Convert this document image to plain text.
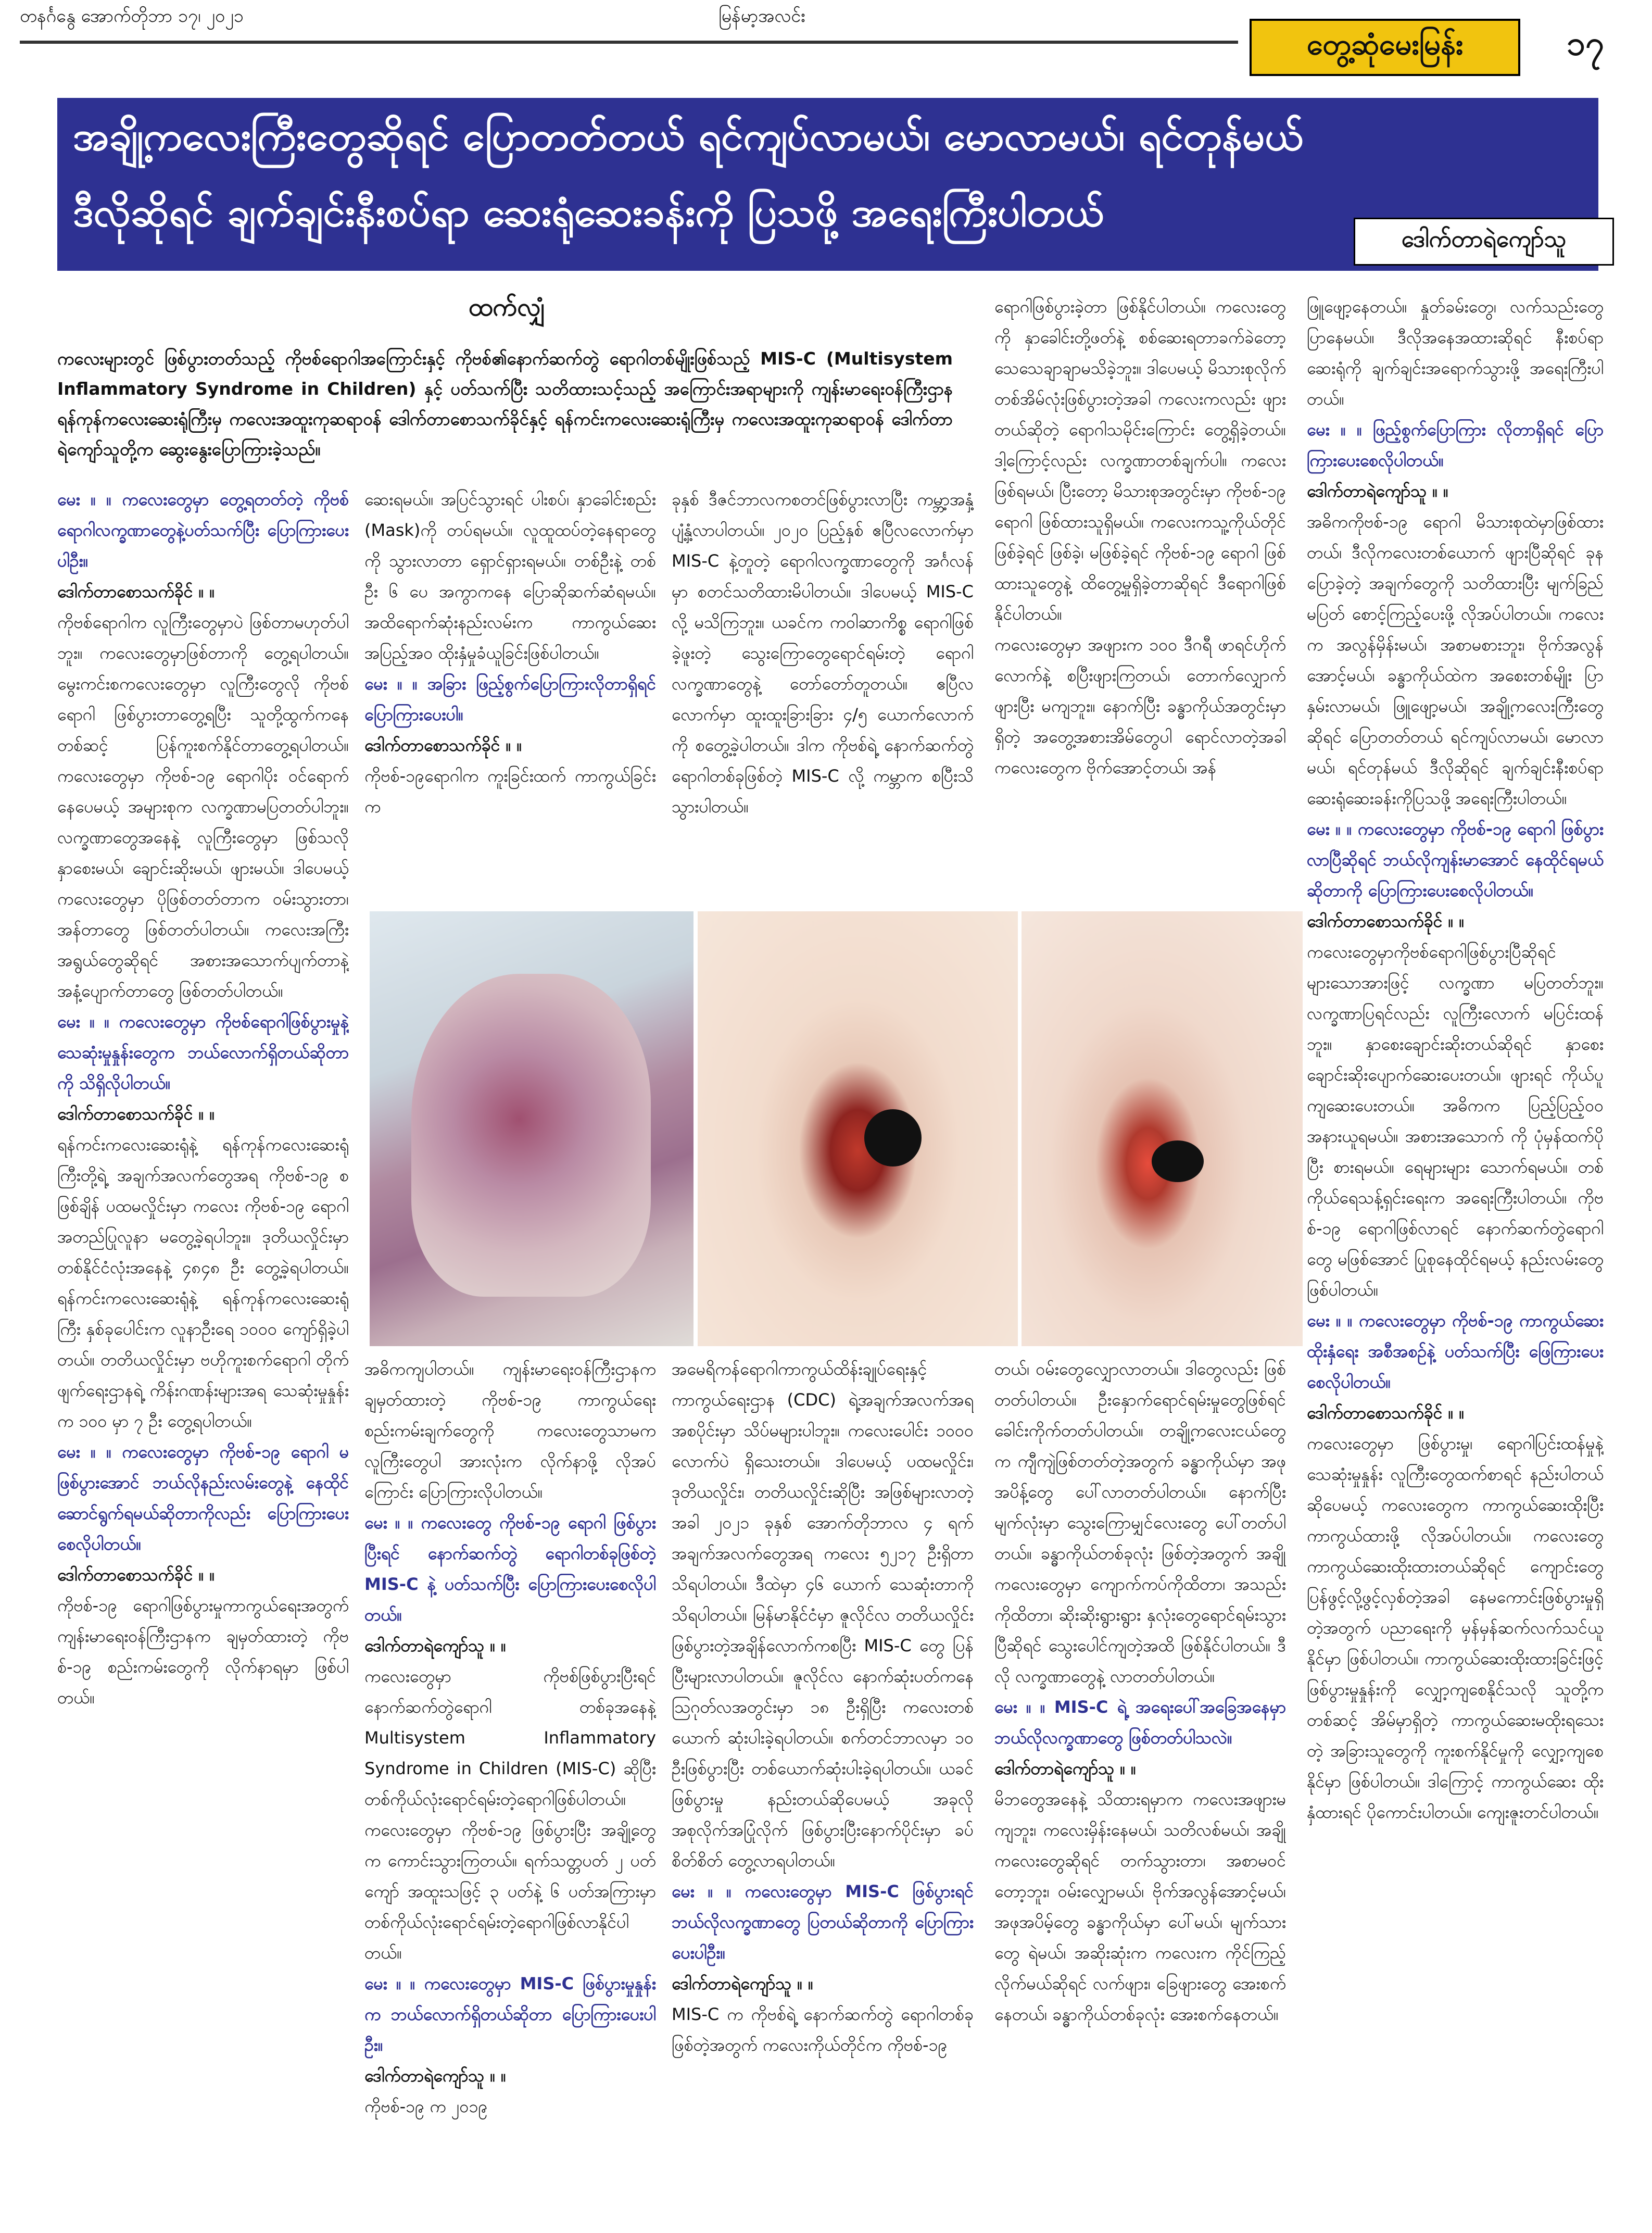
တနင်္ဂနွေ အောက်တိုဘာ ၁၇၊ ၂၀၂၁	မြန်မာ့အလင်း
တွေ့ဆုံမေးမြန်း	၁၇
အချို့ကလေးကြီးတွေဆိုရင် ပြောတတ်တယ် ရင်ကျပ်လာမယ်၊ မောလာမယ်၊ ရင်တုန်မယ်
ဒီလိုဆိုရင် ချက်ချင်းနီးစပ်ရာ ဆေးရုံဆေးခန်းကို ပြသဖို့ အရေးကြီးပါတယ်
ဒေါက်တာရဲကျော်သူ
ထက်လျှံ
ကလေးများတွင် ဖြစ်ပွားတတ်သည့် ကိုဗစ်ရောဂါအကြောင်းနှင့် ကိုဗစ်၏နောက်ဆက်တွဲ ရောဂါတစ်မျိုးဖြစ်သည့် MIS-C (Multisystem Inflammatory Syndrome in Children) နှင့် ပတ်သက်ပြီး သတိထားသင့်သည့် အကြောင်းအရာများကို ကျန်းမာရေးဝန်ကြီးဌာန ရန်ကုန်ကလေးဆေးရုံကြီးမှ ကလေးအထူးကုဆရာဝန် ဒေါက်တာစောသက်ခိုင်နှင့် ရန်ကင်းကလေးဆေးရုံကြီးမှ ကလေးအထူးကုဆရာဝန် ဒေါက်တာရဲကျော်သူတို့က ဆွေးနွေးပြောကြားခဲ့သည်။

မေး ။ ။ ကလေးတွေမှာ တွေ့ရတတ်တဲ့ ကိုဗစ်ရောဂါလက္ခဏာတွေနဲ့ပတ်သက်ပြီး ပြောကြားပေးပါဦး။

ဒေါက်တာစောသက်ခိုင် ။ ။

ကိုဗစ်ရောဂါက လူကြီးတွေမှာပဲ ဖြစ်တာမဟုတ်ပါဘူး။ ကလေးတွေမှာဖြစ်တာကို တွေ့ရပါတယ်။ မွေးကင်းစကလေးတွေမှာ လူကြီးတွေလို ကိုဗစ်ရောဂါ ဖြစ်ပွားတာတွေ့ရပြီး သူတို့ထွက်ကနေတစ်ဆင့် ပြန်ကူးစက်နိုင်တာတွေ့ရပါတယ်။ ကလေးတွေမှာ ကိုဗစ်-၁၉ ရောဂါပိုး ဝင်ရောက်နေပေမယ့် အများစုက လက္ခဏာမပြတတ်ပါဘူး။ လက္ခဏာတွေအနေနဲ့ လူကြီးတွေမှာ ဖြစ်သလို နှာစေးမယ်၊ ချောင်းဆိုးမယ်၊ ဖျားမယ်။ ဒါပေမယ့် ကလေးတွေမှာ ပိုဖြစ်တတ်တာက ဝမ်းသွားတာ၊ အန်တာတွေ ဖြစ်တတ်ပါတယ်။ ကလေးအကြီးအရွယ်တွေဆိုရင် အစားအသောက်ပျက်တာနဲ့ အနံ့ပျောက်တာတွေ ဖြစ်တတ်ပါတယ်။

မေး ။ ။ ကလေးတွေမှာ ကိုဗစ်ရောဂါဖြစ်ပွားမှုနဲ့ သေဆုံးမှုနှုန်းတွေက ဘယ်လောက်ရှိတယ်ဆိုတာကို သိရှိလိုပါတယ်။

ဒေါက်တာစောသက်ခိုင် ။ ။

ရန်ကင်းကလေးဆေးရုံနဲ့ ရန်ကုန်ကလေးဆေးရုံကြီးတို့ရဲ့ အချက်အလက်တွေအရ ကိုဗစ်-၁၉ စဖြစ်ချိန် ပထမလှိုင်းမှာ ကလေး ကိုဗစ်-၁၉ ရောဂါ အတည်ပြုလူနာ မတွေ့ခဲ့ရပါဘူး။ ဒုတိယလှိုင်းမှာ တစ်နိုင်ငံလုံးအနေနဲ့ ၄၈၄၈ ဦး တွေ့ခဲ့ရပါတယ်။ ရန်ကင်းကလေးဆေးရုံနဲ့ ရန်ကုန်ကလေးဆေးရုံကြီး နှစ်ခုပေါင်းက လူနာဦးရေ ၁၀၀၀ ကျော်ရှိခဲ့ပါတယ်။ တတိယလှိုင်းမှာ ဗဟိုကူးစက်ရောဂါ တိုက်ဖျက်ရေးဌာနရဲ့ ကိန်းဂဏန်းများအရ သေဆုံးမှုနှုန်းက ၁၀၀ မှာ ၇ ဦး တွေ့ရပါတယ်။

မေး ။ ။ ကလေးတွေမှာ ကိုဗစ်-၁၉ ရောဂါ မဖြစ်ပွားအောင် ဘယ်လိုနည်းလမ်းတွေနဲ့ နေထိုင်ဆောင်ရွက်ရမယ်ဆိုတာကိုလည်း ပြောကြားပေးစေလိုပါတယ်။

ဒေါက်တာစောသက်ခိုင် ။ ။

ကိုဗစ်-၁၉ ရောဂါဖြစ်ပွားမှုကာကွယ်ရေးအတွက် ကျန်းမာရေးဝန်ကြီးဌာနက ချမှတ်ထားတဲ့ ကိုဗစ်-၁၉ စည်းကမ်းတွေကို လိုက်နာရမှာ ဖြစ်ပါတယ်။

ဆေးရမယ်။ အပြင်သွားရင် ပါးစပ်၊ နှာခေါင်းစည်း (Mask)ကို တပ်ရမယ်။ လူထူထပ်တဲ့နေရာတွေကို သွားလာတာ ရှောင်ရှားရမယ်။ တစ်ဦးနဲ့ တစ်ဦး ၆ ပေ အကွာကနေ ပြောဆိုဆက်ဆံရမယ်။ အထိရောက်ဆုံးနည်းလမ်းက ကာကွယ်ဆေးအပြည့်အဝ ထိုးနှံမှုခံယူခြင်းဖြစ်ပါတယ်။

မေး ။ ။ အခြား ဖြည့်စွက်ပြောကြားလိုတာရှိရင် ပြောကြားပေးပါ။

ဒေါက်တာစောသက်ခိုင် ။ ။

ကိုဗစ်-၁၉ရောဂါက ကူးခြင်းထက် ကာကွယ်ခြင်းက

ခုနှစ် ဒီဇင်ဘာလကစတင်ဖြစ်ပွားလာပြီး ကမ္ဘာ့အနှံ့ပျံ့နှံ့လာပါတယ်။ ၂၀၂၀ ပြည့်နှစ် ဧပြီလလောက်မှာ MIS-C နဲ့တူတဲ့ ရောဂါလက္ခဏာတွေကို အင်္ဂလန်မှာ စတင်သတိထားမိပါတယ်။ ဒါပေမယ့် MIS-C လို့ မသိကြဘူး။ ယခင်က ကဝါဆာကိစ္စ ရောဂါဖြစ်ခဲ့ဖူးတဲ့ သွေးကြောတွေရောင်ရမ်းတဲ့ ရောဂါလက္ခဏာတွေနဲ့ တော်တော်တူတယ်။ ဧပြီလလောက်မှာ ထူးထူးခြားခြား ၄/၅ ယောက်လောက်ကို စတွေ့ခဲ့ပါတယ်။ ဒါက ကိုဗစ်ရဲ့ နောက်ဆက်တွဲ ရောဂါတစ်ခုဖြစ်တဲ့ MIS-C လို့ ကမ္ဘာက စပြီးသိသွားပါတယ်။

ရောဂါဖြစ်ပွားခဲ့တာ ဖြစ်နိုင်ပါတယ်။ ကလေးတွေကို နှာခေါင်းတို့ဖတ်နဲ့ စစ်ဆေးရတာခက်ခဲတော့ သေသေချာချာမသိခဲ့ဘူး။ ဒါပေမယ့် မိသားစုလိုက် တစ်အိမ်လုံးဖြစ်ပွားတဲ့အခါ ကလေးကလည်း ဖျားတယ်ဆိုတဲ့ ရောဂါသမိုင်းကြောင်း တွေ့ရှိခဲ့တယ်။ ဒါ့ကြောင့်လည်း လက္ခဏာတစ်ချက်ပါ။ ကလေးဖြစ်ရမယ်၊ ပြီးတော့ မိသားစုအတွင်းမှာ ကိုဗစ်-၁၉ ရောဂါ ဖြစ်ထားသူရှိမယ်။ ကလေးကသူ့ကိုယ်တိုင် ဖြစ်ခဲ့ရင် ဖြစ်ခဲ့၊ မဖြစ်ခဲ့ရင် ကိုဗစ်-၁၉ ရောဂါ ဖြစ်ထားသူတွေနဲ့ ထိတွေ့မှုရှိခဲ့တာဆိုရင် ဒီရောဂါဖြစ်နိုင်ပါတယ်။

ကလေးတွေမှာ အဖျားက ၁၀၀ ဒီဂရီ ဖာရင်ဟိုက်လောက်နဲ့ စပြီးဖျားကြတယ်၊ တောက်လျှောက်ဖျားပြီး မကျဘူး။ နောက်ပြီး ခန္ဓာကိုယ်အတွင်းမှာရှိတဲ့ အတွေ့အစားအိမ်တွေပါ ရောင်လာတဲ့အခါ ကလေးတွေက ဗိုက်အောင့်တယ်၊ အန်

ဖြူဖျော့နေတယ်။ နှုတ်ခမ်းတွေ၊ လက်သည်းတွေ ပြာနေမယ်။ ဒီလိုအနေအထားဆိုရင် နီးစပ်ရာဆေးရုံကို ချက်ချင်းအရောက်သွားဖို့ အရေးကြီးပါတယ်။

မေး ။ ။ ဖြည့်စွက်ပြောကြား လိုတာရှိရင် ပြောကြားပေးစေလိုပါတယ်။

ဒေါက်တာရဲကျော်သူ ။ ။

အဓိကကိုဗစ်-၁၉ ရောဂါ မိသားစုထဲမှာဖြစ်ထားတယ်၊ ဒီလိုကလေးတစ်ယောက် ဖျားပြီဆိုရင် ခုနပြောခဲ့တဲ့ အချက်တွေကို သတိထားပြီး မျက်ခြည်မပြတ် စောင့်ကြည့်ပေးဖို့ လိုအပ်ပါတယ်။ ကလေးက အလွန်မှိန်းမယ်၊ အစာမစားဘူး၊ ဗိုက်အလွန်အောင့်မယ်၊ ခန္ဓာကိုယ်ထဲက အစေးတစ်မျိုး ပြာနှမ်းလာမယ်၊ ဖြူဖျော့မယ်၊ အချို့ကလေးကြီးတွေဆိုရင် ပြောတတ်တယ် ရင်ကျပ်လာမယ်၊ မောလာမယ်၊ ရင်တုန်မယ် ဒီလိုဆိုရင် ချက်ချင်းနီးစပ်ရာ ဆေးရုံဆေးခန်းကိုပြသဖို့ အရေးကြီးပါတယ်။

မေး ။ ။ ကလေးတွေမှာ ကိုဗစ်-၁၉ ရောဂါ ဖြစ်ပွားလာပြီဆိုရင် ဘယ်လိုကျန်းမာအောင် နေထိုင်ရမယ် ဆိုတာကို ပြောကြားပေးစေလိုပါတယ်။

ဒေါက်တာစောသက်ခိုင် ။ ။

ကလေးတွေမှာကိုဗစ်ရောဂါဖြစ်ပွားပြီဆိုရင် များသောအားဖြင့် လက္ခဏာ မပြတတ်ဘူး။ လက္ခဏာပြရင်လည်း လူကြီးလောက် မပြင်းထန်ဘူး။ နှာစေးချောင်းဆိုးတယ်ဆိုရင် နှာစေးချောင်းဆိုးပျောက်ဆေးပေးတယ်။ ဖျားရင် ကိုယ်ပူကျဆေးပေးတယ်။ အဓိကက ပြည့်ပြည့်ဝဝအနားယူရမယ်။ အစားအသောက် ကို ပုံမှန်ထက်ပိုပြီး စားရမယ်။ ရေများများ သောက်ရမယ်။ တစ်ကိုယ်ရေသန့်ရှင်းရေးက အရေးကြီးပါတယ်။ ကိုဗစ်-၁၉ ရောဂါဖြစ်လာရင် နောက်ဆက်တွဲရောဂါတွေ မဖြစ်အောင် ပြုစုနေထိုင်ရမယ့် နည်းလမ်းတွေဖြစ်ပါတယ်။

မေး ။ ။ ကလေးတွေမှာ ကိုဗစ်-၁၉ ကာကွယ်ဆေးထိုးနှံရေး အစီအစဉ်နဲ့ ပတ်သက်ပြီး ဖြေကြားပေးစေလိုပါတယ်။

ဒေါက်တာစောသက်ခိုင် ။ ။

ကလေးတွေမှာ ဖြစ်ပွားမှု၊ ရောဂါပြင်းထန်မှုနဲ့ သေဆုံးမှုနှုန်း လူကြီးတွေထက်စာရင် နည်းပါတယ်ဆိုပေမယ့် ကလေးတွေက ကာကွယ်ဆေးထိုးပြီး ကာကွယ်ထားဖို့ လိုအပ်ပါတယ်။ ကလေးတွေကာကွယ်ဆေးထိုးထားတယ်ဆိုရင် ကျောင်းတွေပြန်ဖွင့်လို့ဖွင့်လှစ်တဲ့အခါ နေမကောင်းဖြစ်ပွားမှုရှိတဲ့အတွက် ပညာရေးကို မှန်မှန်ဆက်လက်သင်ယူနိုင်မှာ ဖြစ်ပါတယ်။ ကာကွယ်ဆေးထိုးထားခြင်းဖြင့် ဖြစ်ပွားမှုနှုန်းကို လျှော့ကျစေနိုင်သလို သူတို့ကတစ်ဆင့် အိမ်မှာရှိတဲ့ ကာကွယ်ဆေးမထိုးရသေးတဲ့ အခြားသူတွေကို ကူးစက်နိုင်မှုကို လျှော့ကျစေနိုင်မှာ ဖြစ်ပါတယ်။ ဒါကြောင့် ကာကွယ်ဆေး ထိုးနှံထားရင် ပိုကောင်းပါတယ်။ ကျေးဇူးတင်ပါတယ်။

အဓိကကျပါတယ်။ ကျန်းမာရေးဝန်ကြီးဌာနက ချမှတ်ထားတဲ့ ကိုဗစ်-၁၉ ကာကွယ်ရေး စည်းကမ်းချက်တွေကို ကလေးတွေသာမက လူကြီးတွေပါ အားလုံးက လိုက်နာဖို့ လိုအပ်ကြောင်း ပြောကြားလိုပါတယ်။

မေး ။ ။ ကလေးတွေ ကိုဗစ်-၁၉ ရောဂါ ဖြစ်ပွားပြီးရင် နောက်ဆက်တွဲ ရောဂါတစ်ခုဖြစ်တဲ့ MIS-C နဲ့ ပတ်သက်ပြီး ပြောကြားပေးစေလိုပါတယ်။

ဒေါက်တာရဲကျော်သူ ။ ။

ကလေးတွေမှာ ကိုဗစ်ဖြစ်ပွားပြီးရင် နောက်ဆက်တွဲရောဂါ တစ်ခုအနေနဲ့ Multisystem Inflammatory Syndrome in Children (MIS-C) ဆိုပြီး တစ်ကိုယ်လုံးရောင်ရမ်းတဲ့ရောဂါဖြစ်ပါတယ်။ ကလေးတွေမှာ ကိုဗစ်-၁၉ ဖြစ်ပွားပြီး အချို့တွေက ကောင်းသွားကြတယ်။ ရက်သတ္တပတ် ၂ ပတ်ကျော် အထူးသဖြင့် ၃ ပတ်နဲ့ ၆ ပတ်အကြားမှာ တစ်ကိုယ်လုံးရောင်ရမ်းတဲ့ရောဂါဖြစ်လာနိုင်ပါတယ်။

မေး ။ ။ ကလေးတွေမှာ MIS-C ဖြစ်ပွားမှုနှုန်းက ဘယ်လောက်ရှိတယ်ဆိုတာ ပြောကြားပေးပါဦး။

ဒေါက်တာရဲကျော်သူ ။ ။

ကိုဗစ်-၁၉ က ၂၀၁၉

အမေရိကန်ရောဂါကာကွယ်ထိန်းချုပ်ရေးနှင့် ကာကွယ်ရေးဌာန (CDC) ရဲ့အချက်အလက်အရ အစပိုင်းမှာ သိပ်မများပါဘူး။ ကလေးပေါင်း ၁၀၀၀ လောက်ပဲ ရှိသေးတယ်။ ဒါပေမယ့် ပထမလှိုင်း၊ ဒုတိယလှိုင်း၊ တတိယလှိုင်းဆိုပြီး အဖြစ်များလာတဲ့အခါ ၂၀၂၁ ခုနှစ် အောက်တိုဘာလ ၄ ရက် အချက်အလက်တွေအရ ကလေး ၅၂၁၇ ဦးရှိတာ သိရပါတယ်။ ဒီထဲမှာ ၄၆ ယောက် သေဆုံးတာကို သိရပါတယ်။ မြန်မာနိုင်ငံမှာ ဇူလိုင်လ တတိယလှိုင်းဖြစ်ပွားတဲ့အချိန်လောက်ကစပြီး MIS-C တွေ ပြန်ပြီးများလာပါတယ်။ ဇူလိုင်လ နောက်ဆုံးပတ်ကနေ ဩဂုတ်လအတွင်းမှာ ၁၈ ဦးရှိပြီး ကလေးတစ်ယောက် ဆုံးပါးခဲ့ရပါတယ်။ စက်တင်ဘာလမှာ ၁၀ ဦးဖြစ်ပွားပြီး တစ်ယောက်ဆုံးပါးခဲ့ရပါတယ်။ ယခင်ဖြစ်ပွားမှု နည်းတယ်ဆိုပေမယ့် အခုလို အစုလိုက်အပြုံလိုက် ဖြစ်ပွားပြီးနောက်ပိုင်းမှာ ခပ်စိတ်စိတ် တွေ့လာရပါတယ်။

မေး ။ ။ ကလေးတွေမှာ MIS-C ဖြစ်ပွားရင်ဘယ်လိုလက္ခဏာတွေ ပြတယ်ဆိုတာကို ပြောကြားပေးပါဦး။

ဒေါက်တာရဲကျော်သူ ။ ။

MIS-C က ကိုဗစ်ရဲ့ နောက်ဆက်တွဲ ရောဂါတစ်ခုဖြစ်တဲ့အတွက် ကလေးကိုယ်တိုင်က ကိုဗစ်-၁၉

တယ်၊ ဝမ်းတွေလျှောလာတယ်။ ဒါတွေလည်း ဖြစ်တတ်ပါတယ်။ ဦးနှောက်ရောင်ရမ်းမှုတွေဖြစ်ရင် ခေါင်းကိုက်တတ်ပါတယ်။ တချို့ကလေးငယ်တွေက ကျီကျဲဖြစ်တတ်တဲ့အတွက် ခန္ဓာကိုယ်မှာ အဖုအပိန့်တွေ ပေါ်လာတတ်ပါတယ်။ နောက်ပြီး မျက်လုံးမှာ သွေးကြောမျှင်လေးတွေ ပေါ်တတ်ပါတယ်။ ခန္ဓာကိုယ်တစ်ခုလုံး ဖြစ်တဲ့အတွက် အချို့ကလေးတွေမှာ ကျောက်ကပ်ကိုထိတာ၊ အသည်းကိုထိတာ၊ ဆိုးဆိုးရွားရွား နှလုံးတွေရောင်ရမ်းသွားပြီဆိုရင် သွေးပေါင်ကျတဲ့အထိ ဖြစ်နိုင်ပါတယ်။ ဒီလို လက္ခဏာတွေနဲ့ လာတတ်ပါတယ်။

မေး ။ ။ MIS-C ရဲ့ အရေးပေါ်အခြေအနေမှာ ဘယ်လိုလက္ခဏာတွေ ဖြစ်တတ်ပါသလဲ။

ဒေါက်တာရဲကျော်သူ ။ ။

မိဘတွေအနေနဲ့ သိထားရမှာက ကလေးအဖျားမကျဘူး၊ ကလေးမှိန်းနေမယ်၊ သတိလစ်မယ်၊ အချို့ကလေးတွေဆိုရင် တက်သွားတာ၊ အစာမဝင်တော့ဘူး၊ ဝမ်းလျှောမယ်၊ ဗိုက်အလွန်အောင့်မယ်၊ အဖုအပိမ့်တွေ ခန္ဓာကိုယ်မှာ ပေါ်မယ်၊ မျက်သားတွေ ရဲမယ်၊ အဆိုးဆုံးက ကလေးက ကိုင်ကြည့်လိုက်မယ်ဆိုရင် လက်ဖျား၊ ခြေဖျားတွေ အေးစက်နေတယ်၊ ခန္ဓာကိုယ်တစ်ခုလုံး အေးစက်နေတယ်။
